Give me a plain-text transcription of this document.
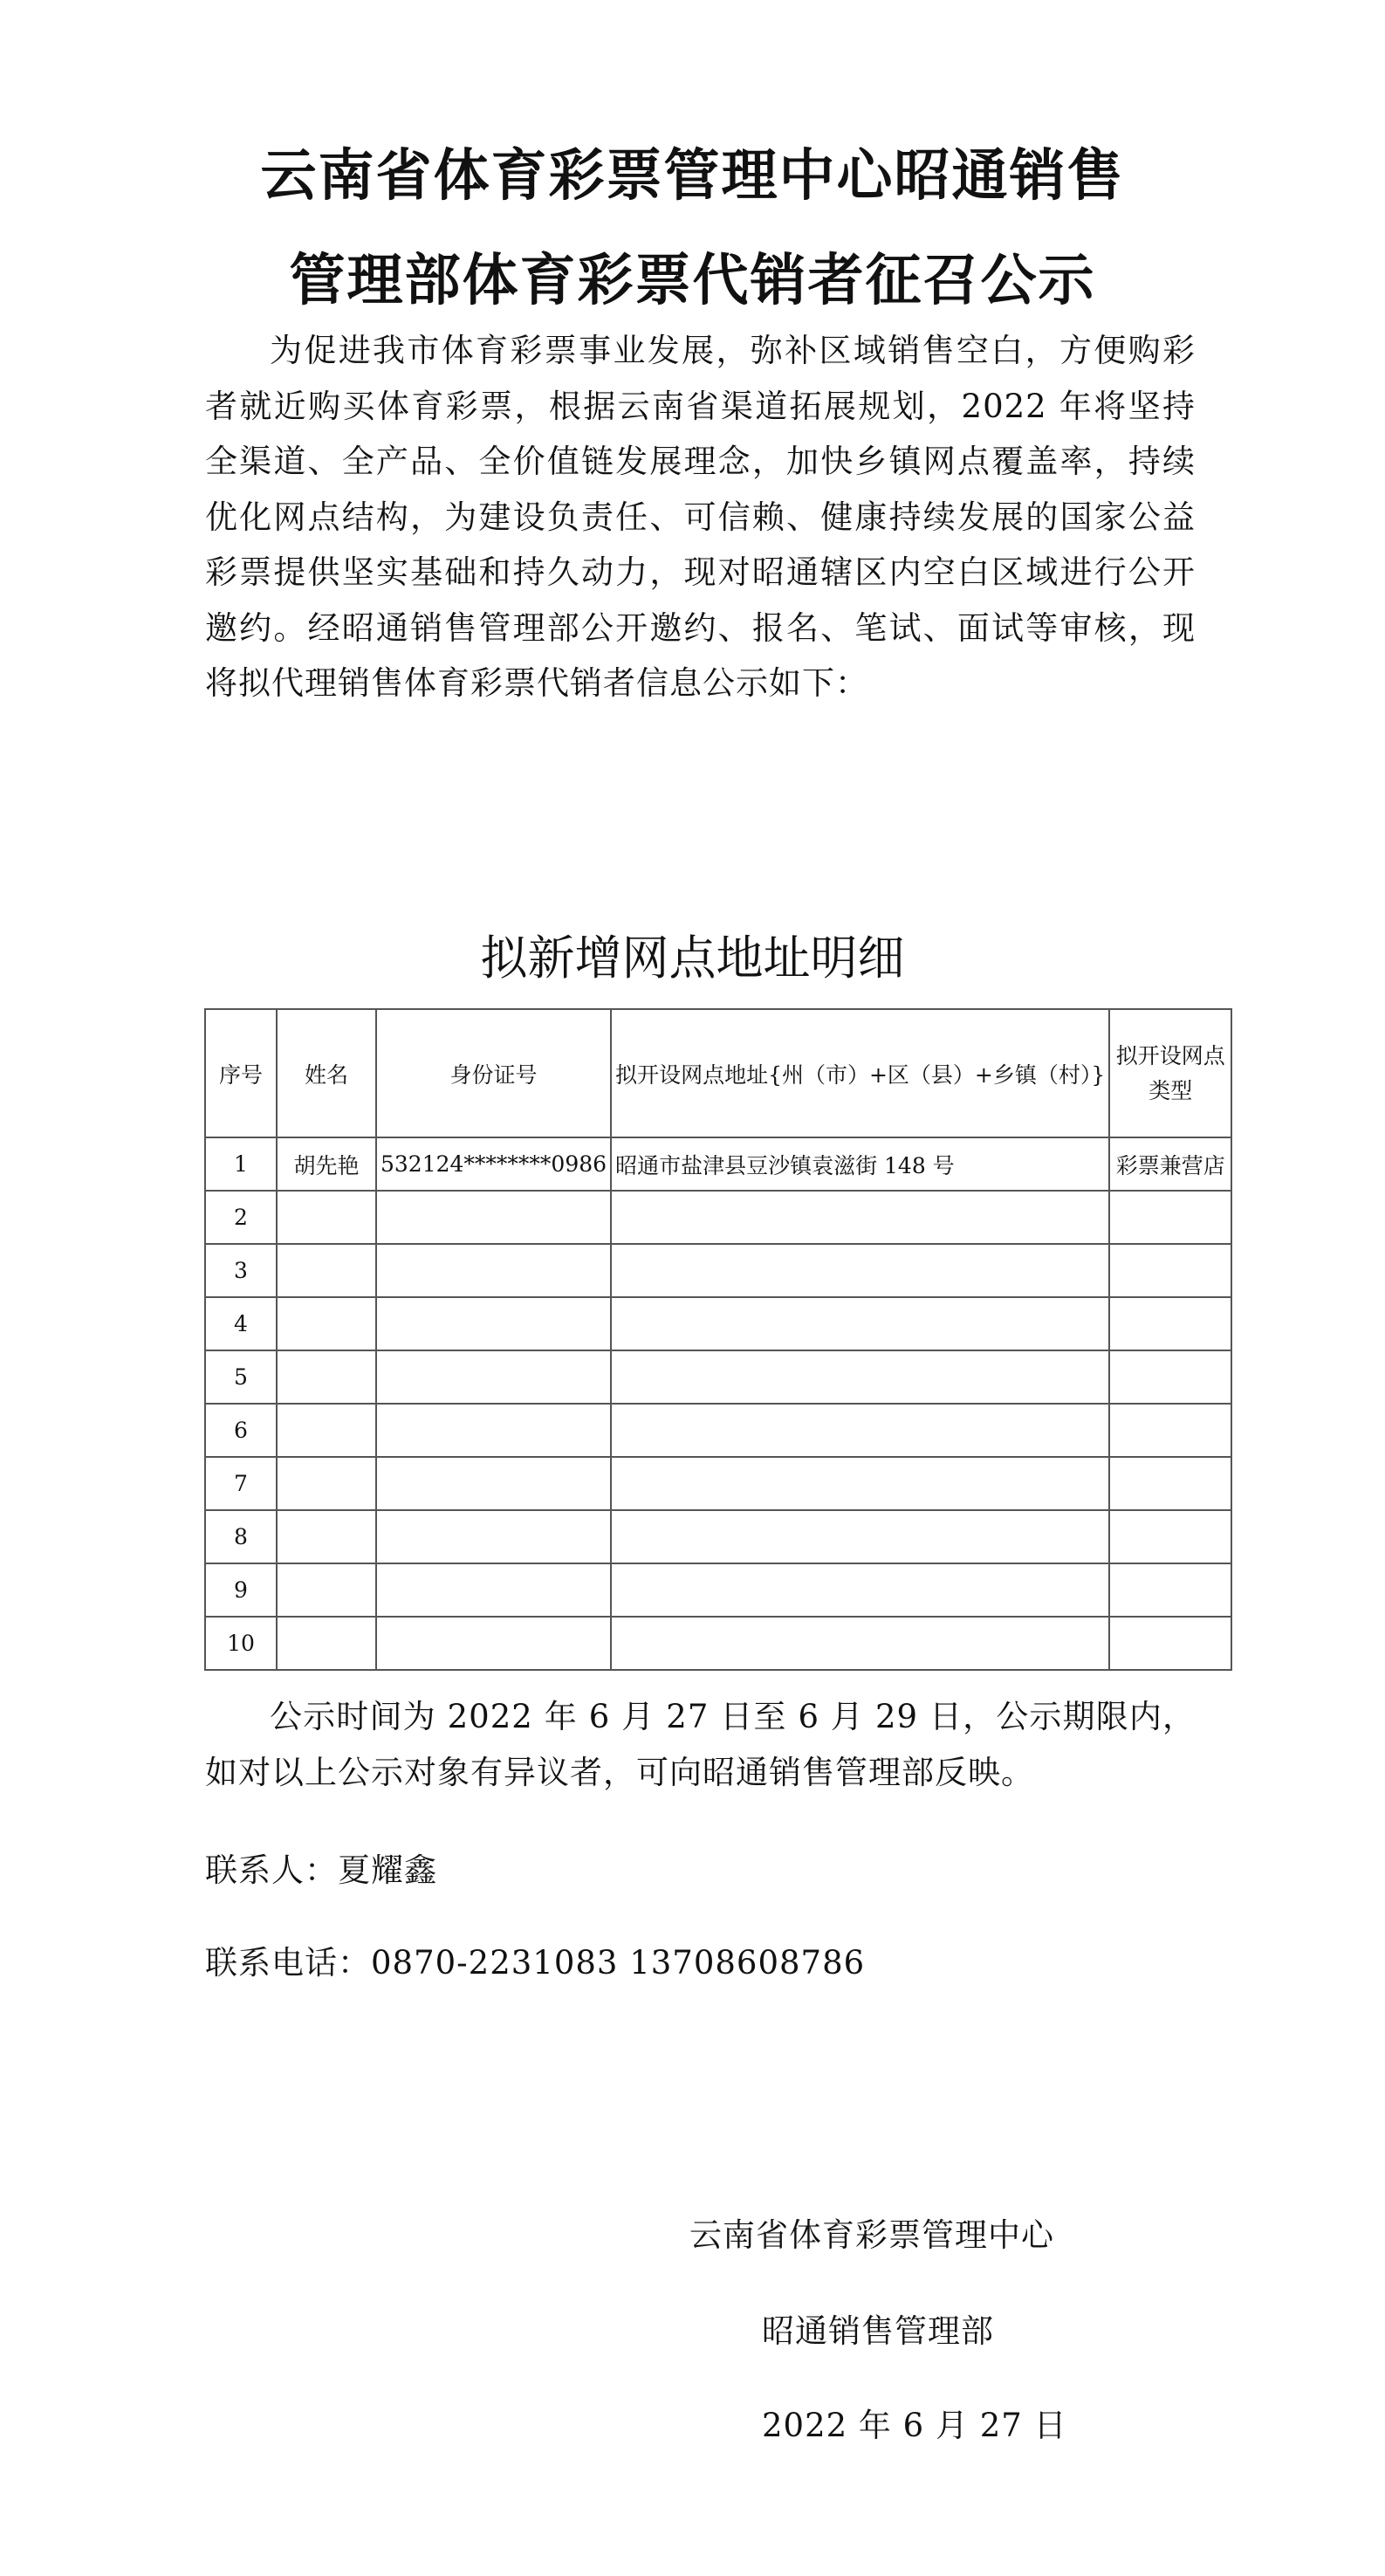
云南省体育彩票管理中心昭通销售
管理部体育彩票代销者征召公示

为促进我市体育彩票事业发展，弥补区域销售空白，方便购彩者就近购买体育彩票，根据云南省渠道拓展规划，2022 年将坚持全渠道、全产品、全价值链发展理念，加快乡镇网点覆盖率，持续优化网点结构，为建设负责任、可信赖、健康持续发展的国家公益彩票提供坚实基础和持久动力，现对昭通辖区内空白区域进行公开邀约。经昭通销售管理部公开邀约、报名、笔试、面试等审核，现将拟代理销售体育彩票代销者信息公示如下：

拟新增网点地址明细
序号	姓名	身份证号	拟开设网点地址{州（市）+区（县）+乡镇（村）}	拟开设网点类型
1	胡先艳	532124********0986	昭通市盐津县豆沙镇袁滋街 148 号	彩票兼营店
2				
3				
4				
5				
6				
7				
8				
9				
10				

公示时间为 2022 年 6 月 27 日至 6 月 29 日，公示期限内，如对以上公示对象有异议者，可向昭通销售管理部反映。

联系人：夏耀鑫
联系电话：0870-2231083 13708608786
云南省体育彩票管理中心
昭通销售管理部
2022 年 6 月 27 日
